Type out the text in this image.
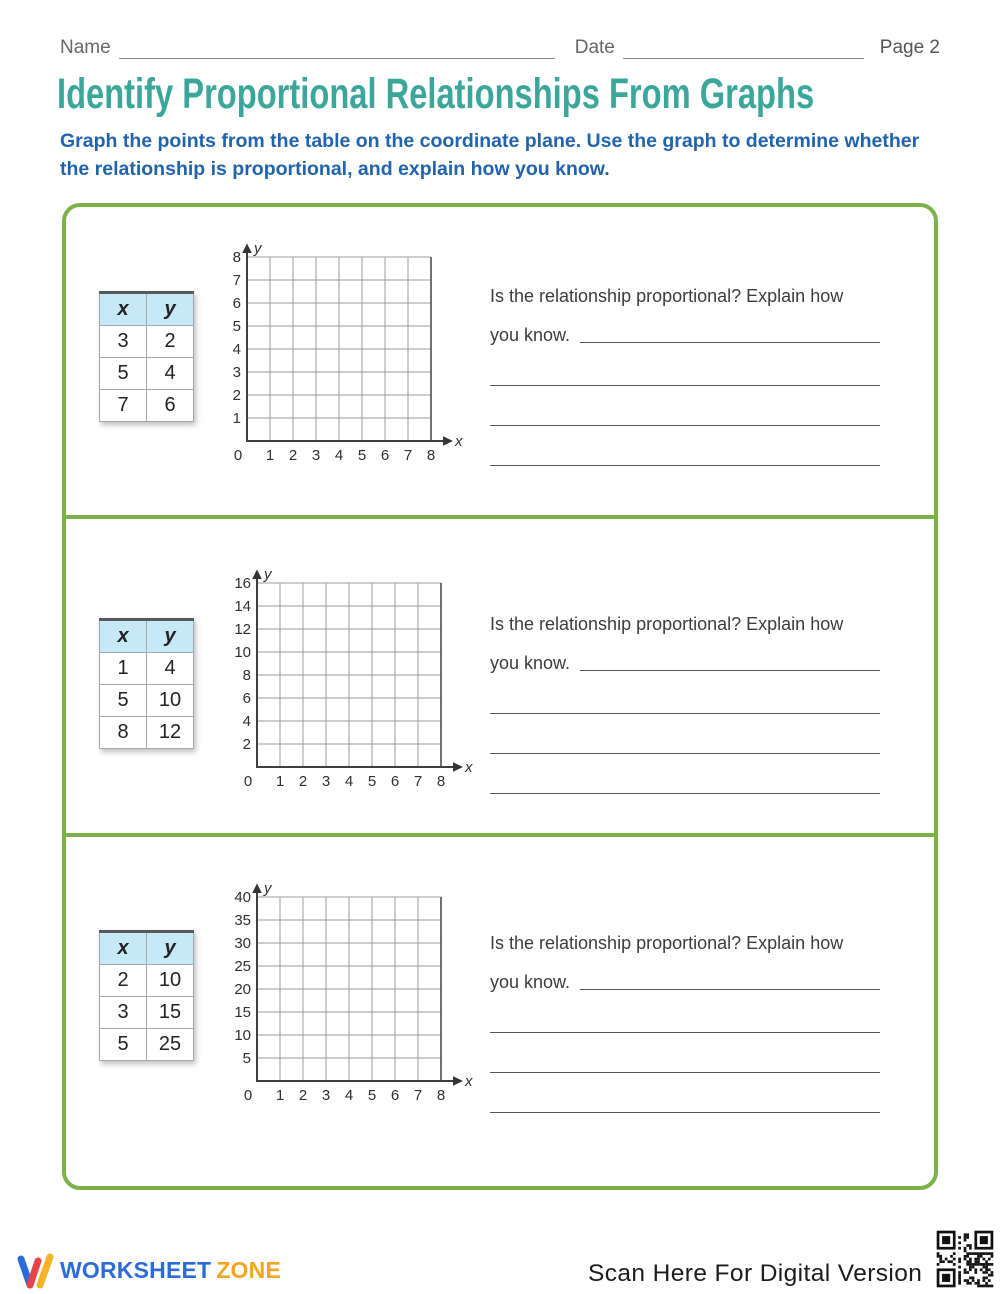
Name	Date	Page 2
Identify Proportional Relationships From Graphs
Graph the points from the table on the coordinate plane. Use the graph to determine whether
the relationship is proportional, and explain how you know.
x	y
3	2
5	4
7	6
1
2
3
4
5
6
7
8
0 1 2 3 4 5 6 7 8
y
x
Is the relationship proportional? Explain how
you know.
x	y
1	4
5	10
8	12
2
4
6
8
10
12
14
16
0 1 2 3 4 5 6 7 8
y
x
Is the relationship proportional? Explain how
you know.
x	y
2	10
3	15
5	25
5
10
15
20
25
30
35
40
0 1 2 3 4 5 6 7 8
y
x
Is the relationship proportional? Explain how
you know.
WORKSHEET ZONE	Scan Here For Digital Version
